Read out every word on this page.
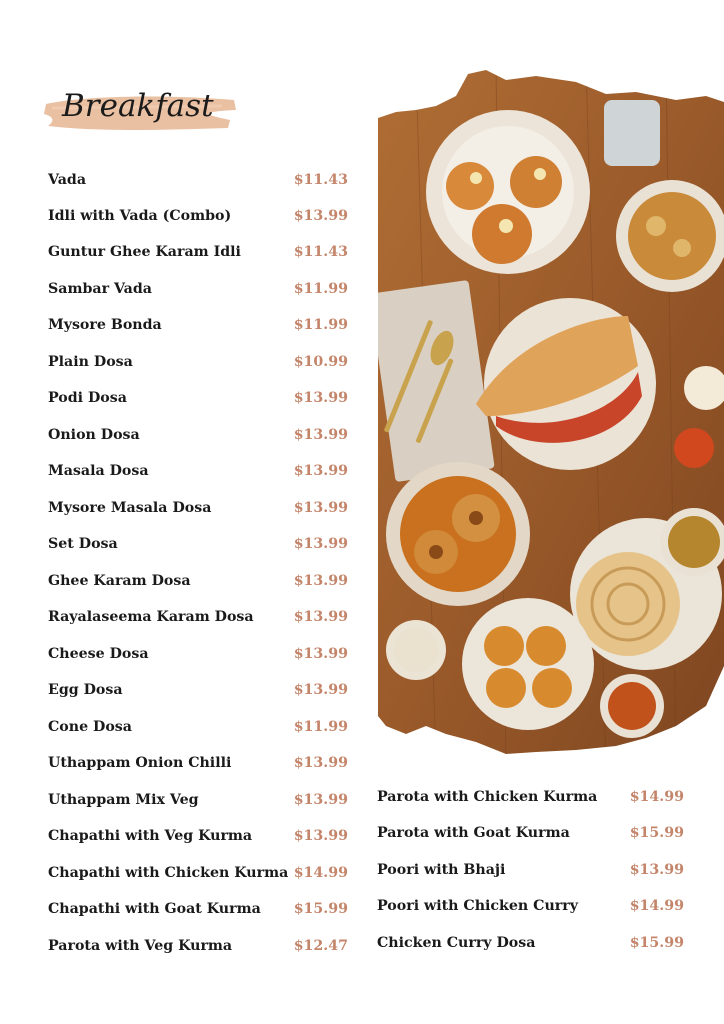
Breakfast
Vada	$11.43
Idli with Vada (Combo)	$13.99
Guntur Ghee Karam Idli	$11.43
Sambar Vada	$11.99
Mysore Bonda	$11.99
Plain Dosa	$10.99
Podi Dosa	$13.99
Onion Dosa	$13.99
Masala Dosa	$13.99
Mysore Masala Dosa	$13.99
Set Dosa	$13.99
Ghee Karam Dosa	$13.99
Rayalaseema Karam Dosa	$13.99
Cheese Dosa	$13.99
Egg Dosa	$13.99
Cone Dosa	$11.99
Uthappam Onion Chilli	$13.99
Uthappam Mix Veg	$13.99
Chapathi with Veg Kurma	$13.99
Chapathi with Chicken Kurma $14.99
Chapathi with Goat Kurma $15.99
Parota with Veg Kurma	$12.47
Parota with Chicken Kurma $14.99
Parota with Goat Kurma	$15.99
Poori with Bhaji	$13.99
Poori with Chicken Curry	$14.99
Chicken Curry Dosa	$15.99
